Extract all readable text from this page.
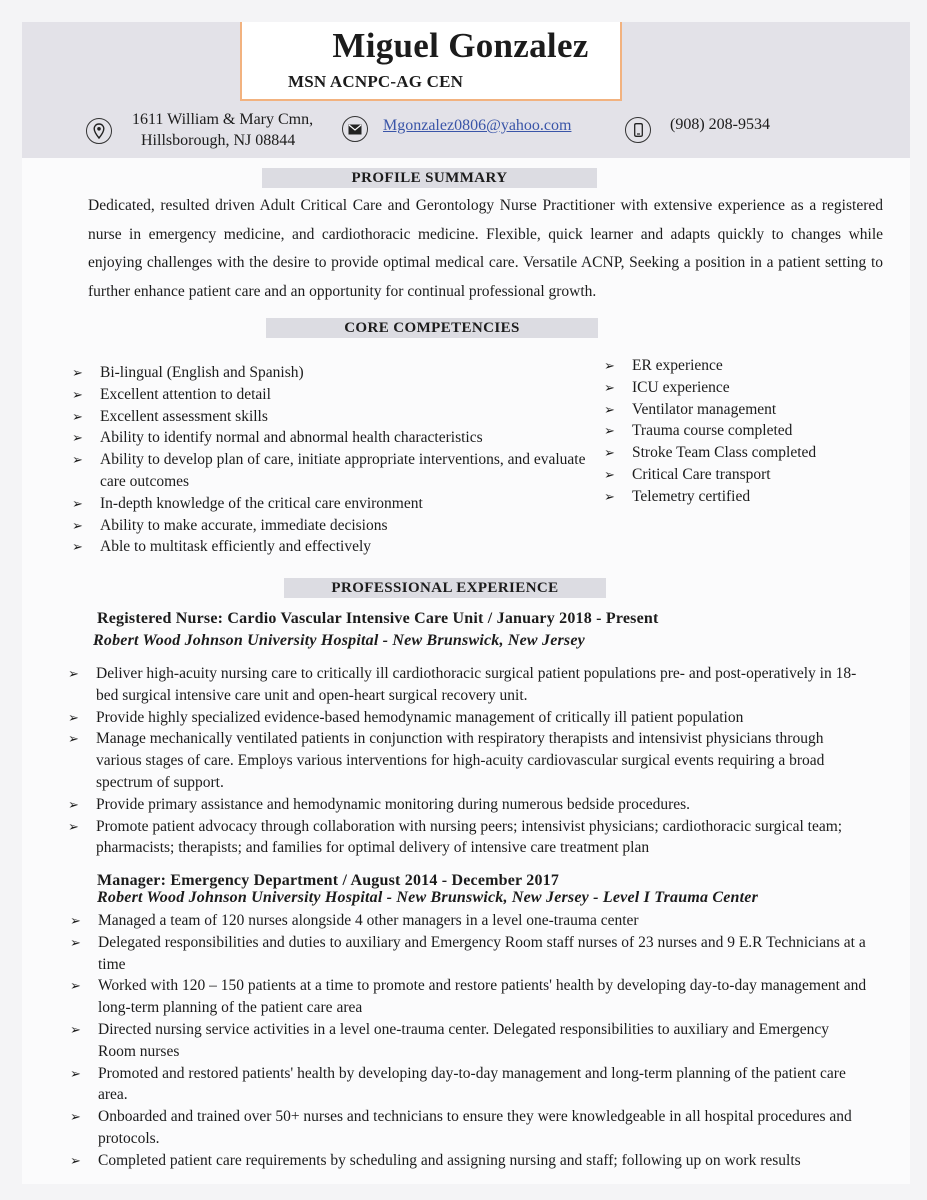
Miguel Gonzalez
MSN ACNPC-AG CEN
1611 William & Mary Cmn,
Hillsborough, NJ 08844
Mgonzalez0806@yahoo.com	(908) 208-9534
PROFILE SUMMARY
Dedicated, resulted driven Adult Critical Care and Gerontology Nurse Practitioner with extensive experience as a registered nurse in emergency medicine, and cardiothoracic medicine. Flexible, quick learner and adapts quickly to changes while enjoying challenges with the desire to provide optimal medical care. Versatile ACNP, Seeking a position in a patient setting to further enhance patient care and an opportunity for continual professional growth.
CORE COMPETENCIES
➢ Bi-lingual (English and Spanish)
➢ Excellent attention to detail
➢ Excellent assessment skills
➢ Ability to identify normal and abnormal health characteristics
➢ Ability to develop plan of care, initiate appropriate interventions, and evaluate care outcomes
➢ In-depth knowledge of the critical care environment
➢ Ability to make accurate, immediate decisions
➢ Able to multitask efficiently and effectively
➢ ER experience
➢ ICU experience
➢ Ventilator management
➢ Trauma course completed
➢ Stroke Team Class completed
➢ Critical Care transport
➢ Telemetry certified
PROFESSIONAL EXPERIENCE
Registered Nurse: Cardio Vascular Intensive Care Unit / January 2018 - Present
Robert Wood Johnson University Hospital - New Brunswick, New Jersey
➢ Deliver high-acuity nursing care to critically ill cardiothoracic surgical patient populations pre- and post-operatively in 18- bed surgical intensive care unit and open-heart surgical recovery unit.
➢ Provide highly specialized evidence-based hemodynamic management of critically ill patient population
➢ Manage mechanically ventilated patients in conjunction with respiratory therapists and intensivist physicians through various stages of care. Employs various interventions for high-acuity cardiovascular surgical events requiring a broad spectrum of support.
➢ Provide primary assistance and hemodynamic monitoring during numerous bedside procedures.
➢ Promote patient advocacy through collaboration with nursing peers; intensivist physicians; cardiothoracic surgical team; pharmacists; therapists; and families for optimal delivery of intensive care treatment plan
Manager: Emergency Department / August 2014 - December 2017
Robert Wood Johnson University Hospital - New Brunswick, New Jersey - Level I Trauma Center
➢ Managed a team of 120 nurses alongside 4 other managers in a level one-trauma center
➢ Delegated responsibilities and duties to auxiliary and Emergency Room staff nurses of 23 nurses and 9 E.R Technicians at a time
➢ Worked with 120 – 150 patients at a time to promote and restore patients' health by developing day-to-day management and long-term planning of the patient care area
➢ Directed nursing service activities in a level one-trauma center. Delegated responsibilities to auxiliary and Emergency Room nurses
➢ Promoted and restored patients' health by developing day-to-day management and long-term planning of the patient care area.
➢ Onboarded and trained over 50+ nurses and technicians to ensure they were knowledgeable in all hospital procedures and protocols.
➢ Completed patient care requirements by scheduling and assigning nursing and staff; following up on work results
